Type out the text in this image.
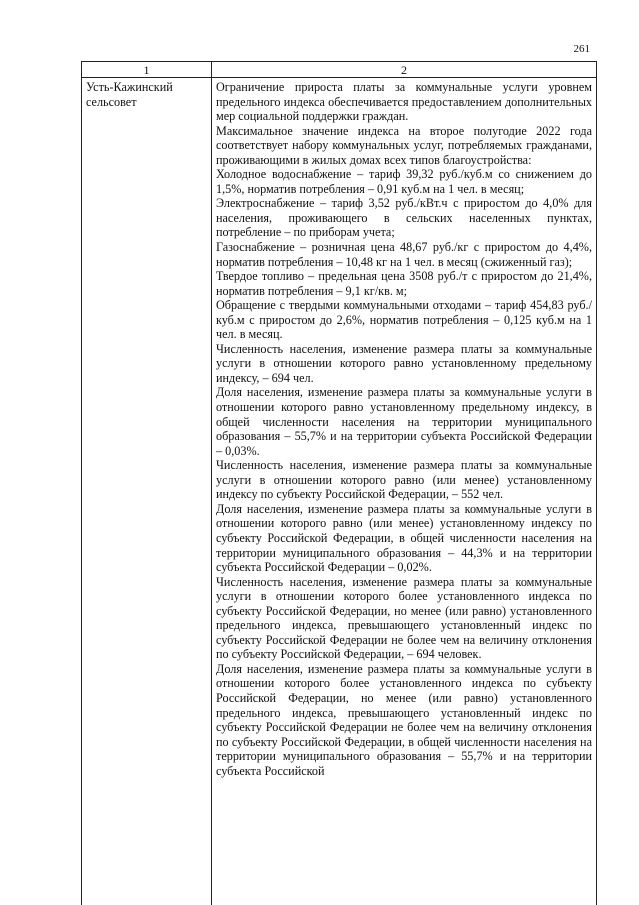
261
1	2
Усть-Кажинский сельсовет

Ограничение прироста платы за коммунальные услуги уровнем предельного индекса обеспечивается предоставлением дополнительных мер социальной поддержки граждан.

Максимальное значение индекса на второе полугодие 2022 года соответствует набору коммунальных услуг, потребляемых гражданами, проживающими в жилых домах всех типов благоустройства:

Холодное водоснабжение – тариф 39,32 руб./куб.м со снижением до 1,5%, норматив потребления – 0,91 куб.м на 1 чел. в месяц;

Электроснабжение – тариф 3,52 руб./кВт.ч с приростом до 4,0% для населения, проживающего в сельских населенных пунктах, потребление – по приборам учета;

Газоснабжение – розничная цена 48,67 руб./кг с приростом до 4,4%, норматив потребления – 10,48 кг на 1 чел. в месяц (сжиженный газ);

Твердое топливо – предельная цена 3508 руб./т с приростом до 21,4%, норматив потребления – 9,1 кг/кв. м;

Обращение с твердыми коммунальными отходами – тариф 454,83 руб./куб.м с приростом до 2,6%, норматив потребления – 0,125 куб.м на 1 чел. в месяц.

Численность населения, изменение размера платы за коммунальные услуги в отношении которого равно установленному предельному индексу, – 694 чел.

Доля населения, изменение размера платы за коммунальные услуги в отношении которого равно установленному предельному индексу, в общей численности населения на территории муниципального образования – 55,7% и на территории субъекта Российской Федерации – 0,03%.

Численность населения, изменение размера платы за коммунальные услуги в отношении которого равно (или менее) установленному индексу по субъекту Российской Федерации, – 552 чел.

Доля населения, изменение размера платы за коммунальные услуги в отношении которого равно (или менее) установленному индексу по субъекту Российской Федерации, в общей численности населения на территории муниципального образования – 44,3% и на территории субъекта Российской Федерации – 0,02%.

Численность населения, изменение размера платы за коммунальные услуги в отношении которого более установленного индекса по субъекту Российской Федерации, но менее (или равно) установленного предельного индекса, превышающего установленный индекс по субъекту Российской Федерации не более чем на величину отклонения по субъекту Российской Федерации, – 694 человек.

Доля населения, изменение размера платы за коммунальные услуги в отношении которого более установленного индекса по субъекту Российской Федерации, но менее (или равно) установленного предельного индекса, превышающего установленный индекс по субъекту Российской Федерации не более чем на величину отклонения по субъекту Российской Федерации, в общей численности населения на территории муниципального образования – 55,7% и на территории субъекта Российской
